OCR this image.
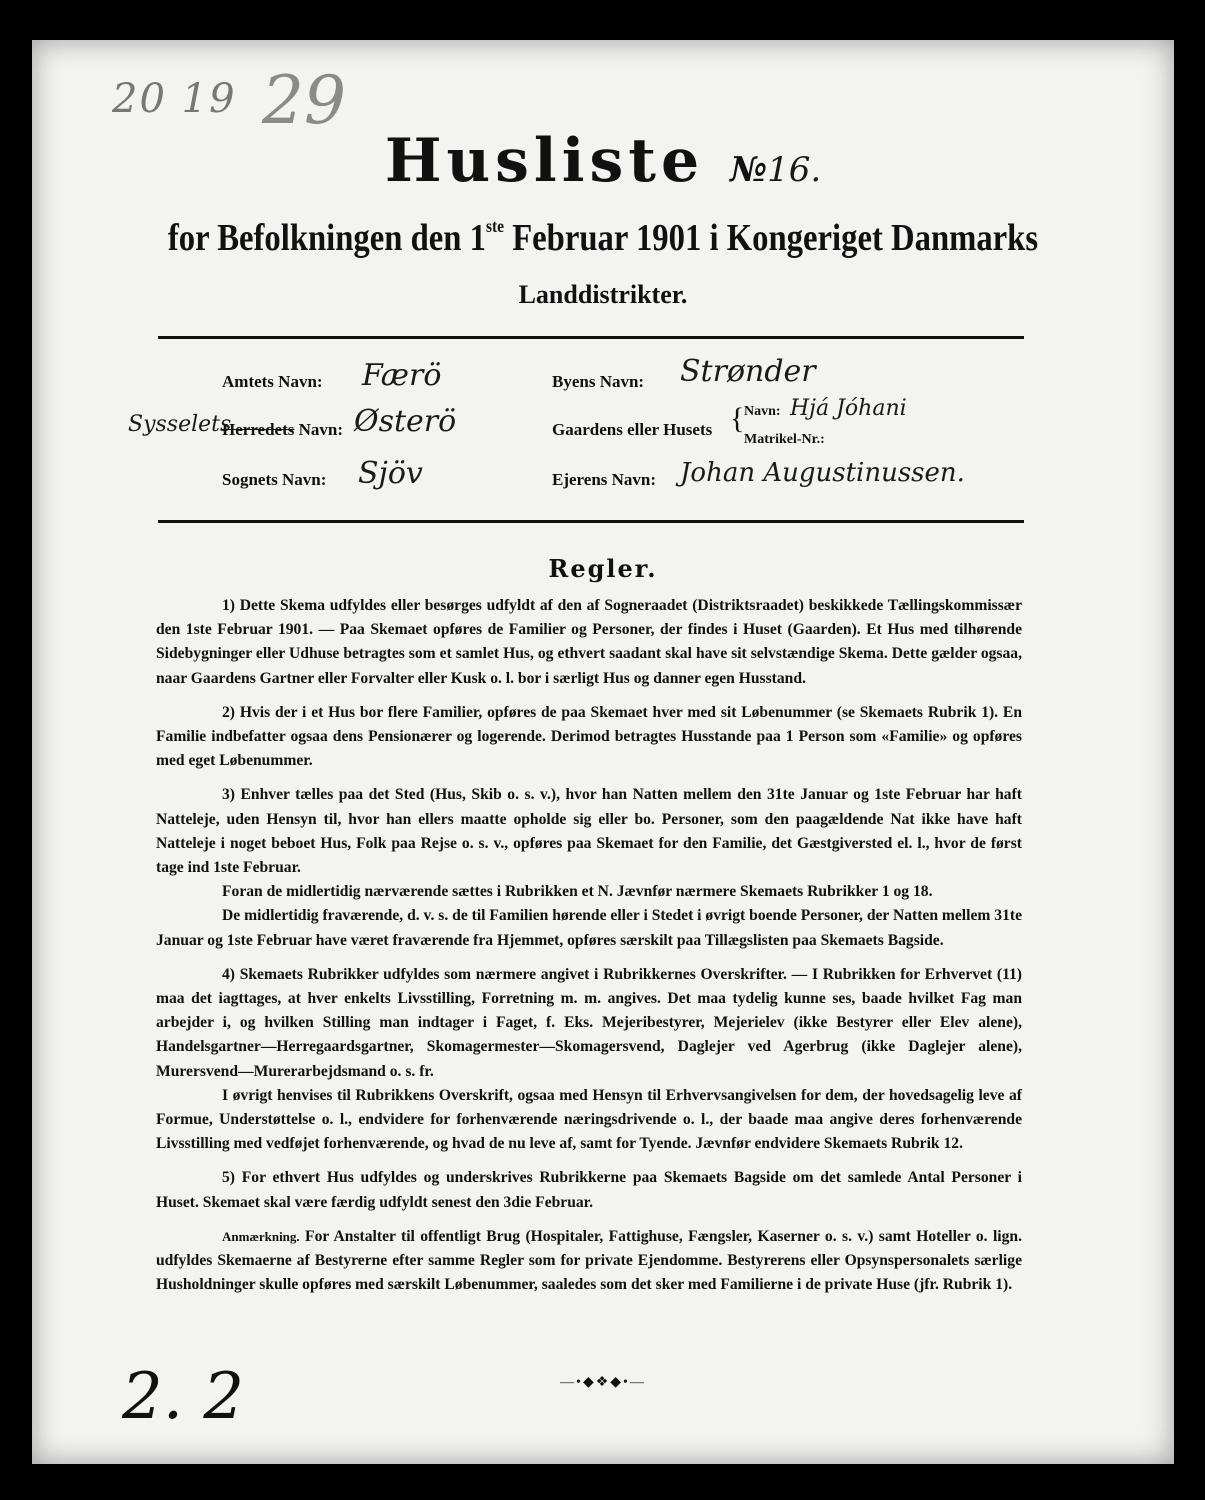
20 19 29
Husliste №16.
for Befolkningen den 1ste Februar 1901 i Kongeriget Danmarks
Landdistrikter.
Amtets Navn: Færö
Sysselets
Herredets Navn: Østerö
Sognets Navn: Sjöv
Byens Navn: Strønder
Gaardens eller Husets { Navn: Hjá Jóhani
Matrikel-Nr.:
Ejerens Navn: Johan Augustinussen.
Regler.

1) Dette Skema udfyldes eller besørges udfyldt af den af Sogneraadet (Distriktsraadet) beskikkede Tællingskommissær den 1ste Februar 1901. — Paa Skemaet opføres de Familier og Personer, der findes i Huset (Gaarden). Et Hus med tilhørende Sidebygninger eller Udhuse betragtes som et samlet Hus, og ethvert saadant skal have sit selvstændige Skema. Dette gælder ogsaa, naar Gaardens Gartner eller Forvalter eller Kusk o. l. bor i særligt Hus og danner egen Husstand.

2) Hvis der i et Hus bor flere Familier, opføres de paa Skemaet hver med sit Løbenummer (se Skemaets Rubrik 1). En Familie indbefatter ogsaa dens Pensionærer og logerende. Derimod betragtes Husstande paa 1 Person som «Familie» og opføres med eget Løbenummer.

3) Enhver tælles paa det Sted (Hus, Skib o. s. v.), hvor han Natten mellem den 31te Januar og 1ste Februar har haft Natteleje, uden Hensyn til, hvor han ellers maatte opholde sig eller bo. Personer, som den paagældende Nat ikke have haft Natteleje i noget beboet Hus, Folk paa Rejse o. s. v., opføres paa Skemaet for den Familie, det Gæstgiversted el. l., hvor de først tage ind 1ste Februar.

Foran de midlertidig nærværende sættes i Rubrikken et N. Jævnfør nærmere Skemaets Rubrikker 1 og 18.

De midlertidig fraværende, d. v. s. de til Familien hørende eller i Stedet i øvrigt boende Personer, der Natten mellem 31te Januar og 1ste Februar have været fraværende fra Hjemmet, opføres særskilt paa Tillægslisten paa Skemaets Bagside.

4) Skemaets Rubrikker udfyldes som nærmere angivet i Rubrikkernes Overskrifter. — I Rubrikken for Erhvervet (11) maa det iagttages, at hver enkelts Livsstilling, Forretning m. m. angives. Det maa tydelig kunne ses, baade hvilket Fag man arbejder i, og hvilken Stilling man indtager i Faget, f. Eks. Mejeribestyrer, Mejerielev (ikke Bestyrer eller Elev alene), Handelsgartner—Herregaardsgartner, Skomagermester—Skomagersvend, Daglejer ved Agerbrug (ikke Daglejer alene), Murersvend—Murerarbejdsmand o. s. fr.

I øvrigt henvises til Rubrikkens Overskrift, ogsaa med Hensyn til Erhvervsangivelsen for dem, der hovedsagelig leve af Formue, Understøttelse o. l., endvidere for forhenværende næringsdrivende o. l., der baade maa angive deres forhenværende Livsstilling med vedføjet forhenværende, og hvad de nu leve af, samt for Tyende. Jævnfør endvidere Skemaets Rubrik 12.

5) For ethvert Hus udfyldes og underskrives Rubrikkerne paa Skemaets Bagside om det samlede Antal Personer i Huset. Skemaet skal være færdig udfyldt senest den 3die Februar.

Anmærkning. For Anstalter til offentligt Brug (Hospitaler, Fattighuse, Fængsler, Kaserner o. s. v.) samt Hoteller o. lign. udfyldes Skemaerne af Bestyrerne efter samme Regler som for private Ejendomme. Bestyrerens eller Opsynspersonalets særlige Husholdninger skulle opføres med særskilt Løbenummer, saaledes som det sker med Familierne i de private Huse (jfr. Rubrik 1).

—•◆❖◆•—
2. 2
